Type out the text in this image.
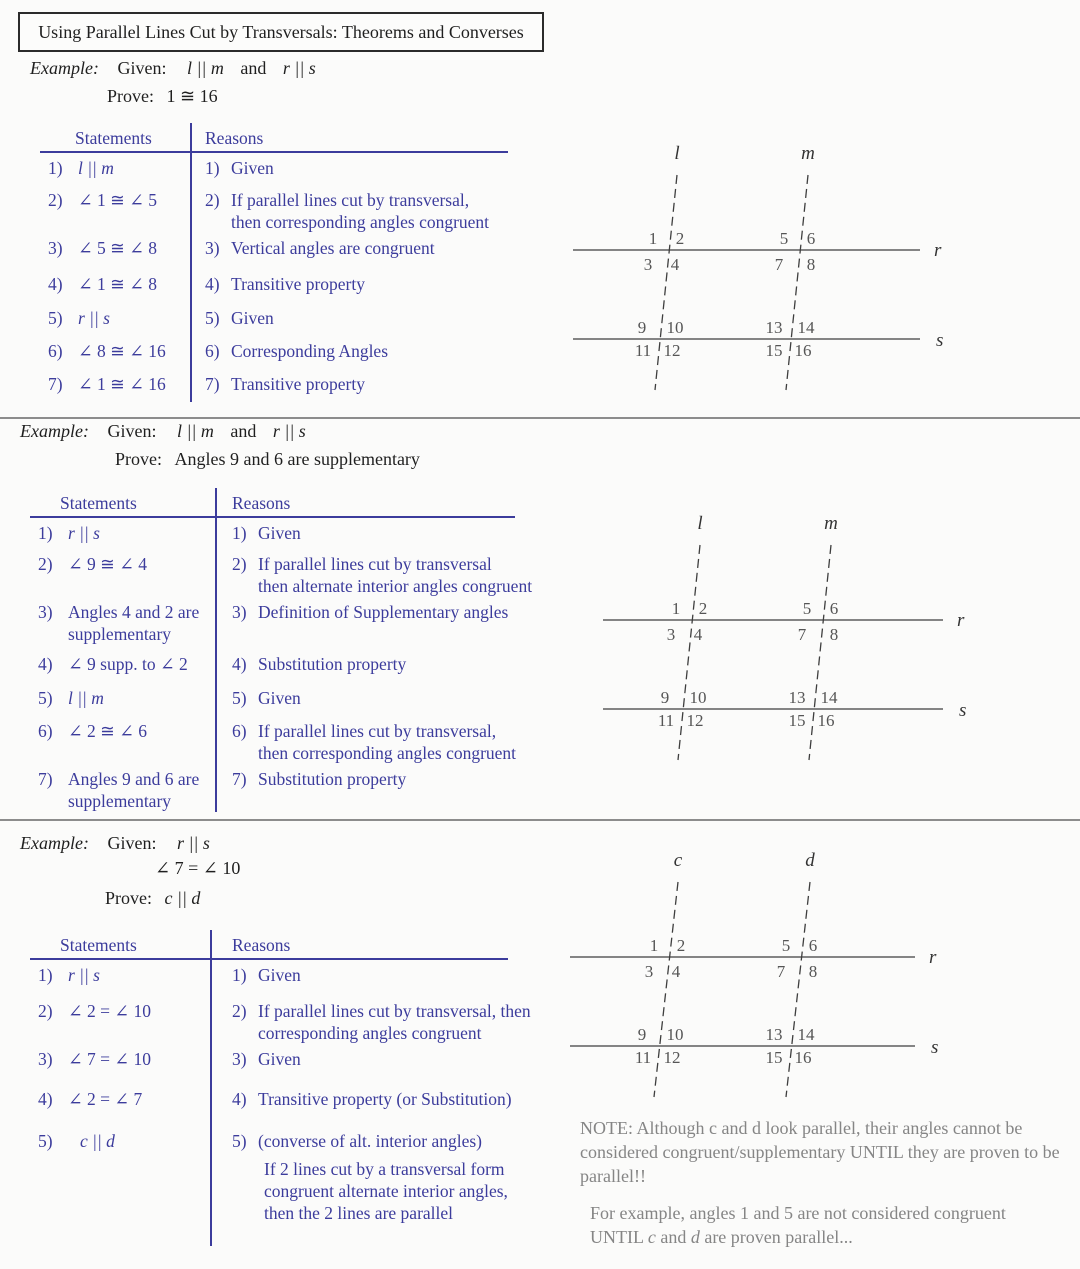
Using Parallel Lines Cut by Transversals: Theorems and Converses
Example: Given: l || m and r || s
Prove: 1 ≅ 16
Statements	Reasons
1) l || m	1) Given
2) ∠ 1 ≅ ∠ 5	2) If parallel lines cut by transversal,
then corresponding angles congruent
3) ∠ 5 ≅ ∠ 8	3) Vertical angles are congruent
4) ∠ 1 ≅ ∠ 8	4) Transitive property
5) r || s	5) Given
6) ∠ 8 ≅ ∠ 16 6) Corresponding Angles
7) ∠ 1 ≅ ∠ 16 7) Transitive property
Example: Given: l || m and r || s
Prove: Angles 9 and 6 are supplementary
Statements	Reasons
1) r || s	1) Given
2) ∠ 9 ≅ ∠ 4	2) If parallel lines cut by transversal
then alternate interior angles congruent
3) Angles 4 and 2 are
supplementary
3) Definition of Supplementary angles
4) ∠ 9 supp. to ∠ 2	4) Substitution property
5) l || m	5) Given
6) ∠ 2 ≅ ∠ 6	6) If parallel lines cut by transversal,
then corresponding angles congruent
7) Angles 9 and 6 are
supplementary
7) Substitution property
Example: Given: r || s
∠ 7 = ∠ 10
Prove: c || d
Statements	Reasons
1) r || s	1) Given
2) ∠ 2 = ∠ 10	2) If parallel lines cut by transversal, then
corresponding angles congruent
3) ∠ 7 = ∠ 10	3) Given
4) ∠ 2 = ∠ 7	4) Transitive property (or Substitution)
5)	c || d	5) (converse of alt. interior angles)
If 2 lines cut by a transversal form
congruent alternate interior angles,
then the 2 lines are parallel
l	m
r
s
1 2
3 4
5 6
7 8
9 10
11 12
13 14
15 16
l	m
r
s
1 2
3 4
5 6
7 8
9 10
11 12
13 14
15 16
c	d
r
s
1 2
3 4
5 6
7 8
9 10
11 12
13 14
15 16

NOTE: Although c and d look parallel, their angles cannot be considered congruent/supplementary UNTIL they are proven to be parallel!!

For example, angles 1 and 5 are not considered congruent UNTIL c and d are proven parallel...
